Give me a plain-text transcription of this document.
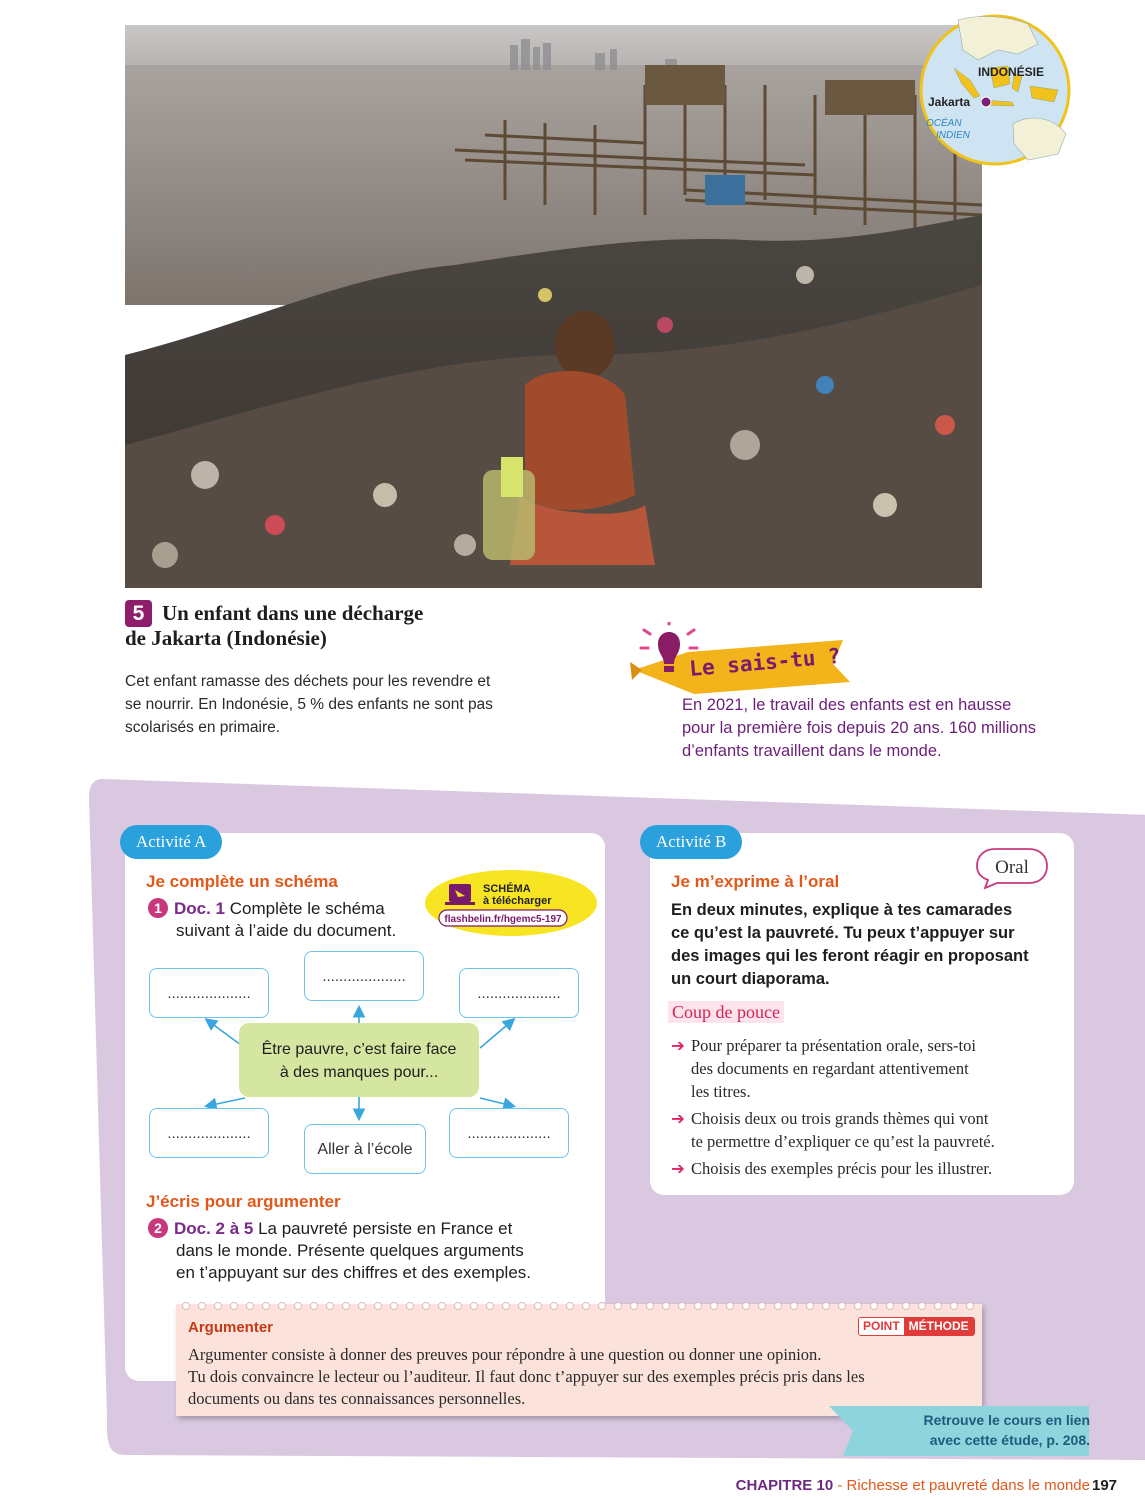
INDONÉSIE
Jakarta
OCÉAN
INDIEN
5 Un enfant dans une décharge
de Jakarta (Indonésie)
Cet enfant ramasse des déchets pour les revendre et
se nourrir. En Indonésie, 5 % des enfants ne sont pas
scolarisés en primaire.
Le sais-tu ?
En 2021, le travail des enfants est en hausse
pour la première fois depuis 20 ans. 160 millions
d’enfants travaillent dans le monde.
Activité A
Je complète un schéma
1 Doc. 1 Complète le schéma
suivant à l’aide du document.
SCHÉMA
à télécharger
flashbelin.fr/hgemc5-197
....................
....................
....................
....................
Aller à l’école
....................
Être pauvre, c’est faire face
à des manques pour...
J’écris pour argumenter
2 Doc. 2 à 5 La pauvreté persiste en France et
dans le monde. Présente quelques arguments
en t’appuyant sur des chiffres et des exemples.
Activité B
Oral
Je m’exprime à l’oral
En deux minutes, explique à tes camarades
ce qu’est la pauvreté. Tu peux t’appuyer sur
des images qui les feront réagir en proposant
un court diaporama.
Coup de pouce
➔ Pour préparer ta présentation orale, sers-toi
des documents en regardant attentivement
les titres.
➔ Choisis deux ou trois grands thèmes qui vont
te permettre d’expliquer ce qu’est la pauvreté.
➔ Choisis des exemples précis pour les illustrer.
Argumenter	POINT MÉTHODE
Argumenter consiste à donner des preuves pour répondre à une question ou donner une opinion.
Tu dois convaincre le lecteur ou l’auditeur. Il faut donc t’appuyer sur des exemples précis pris dans les
documents ou dans tes connaissances personnelles.
Retrouve le cours en lien
avec cette étude, p. 208.
CHAPITRE 10 - Richesse et pauvreté dans le monde 197
